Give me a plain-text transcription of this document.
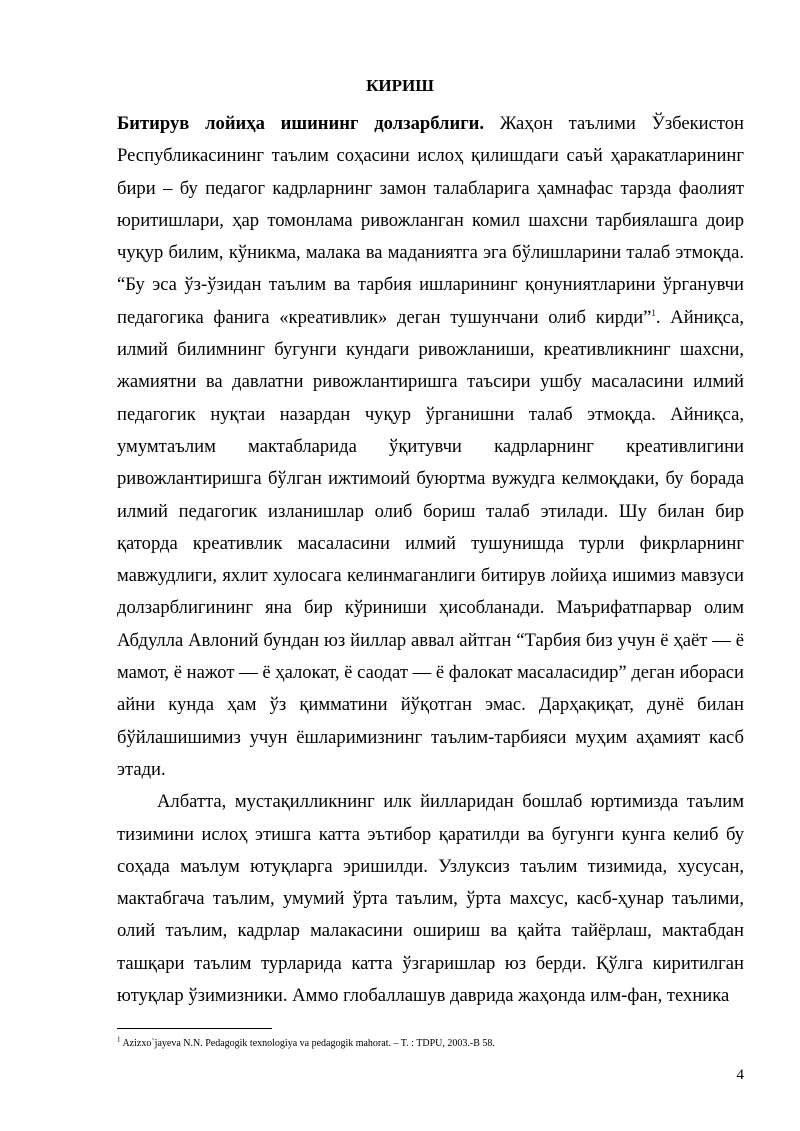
КИРИШ

Битирув лойиҳа ишининг долзарблиги. Жаҳон таълими Ўзбекистон Республикасининг таълим соҳасини ислоҳ қилишдаги саъй ҳаракатларининг бири – бу педагог кадрларнинг замон талабларига ҳамнафас тарзда фаолият юритишлари, ҳар томонлама ривожланган комил шахсни тарбиялашга доир чуқур билим, кўникма, малака ва маданиятга эга бўлишларини талаб этмоқда. “Бу эса ўз-ўзидан таълим ва тарбия ишларининг қонуниятларини ўрганувчи педагогика фанига «креативлик» деган тушунчани олиб кирди”$^1$. Айниқса, илмий билимнинг бугунги кундаги ривожланиши, креативликнинг шахсни, жамиятни ва давлатни ривожлантиришга таъсири ушбу масаласини илмий педагогик нуқтаи назардан чуқур ўрганишни талаб этмоқда. Айниқса, умумтаълим мактабларида ўқитувчи кадрларнинг креативлигини ривожлантиришга бўлган ижтимоий буюртма вужудга келмоқдаки, бу борада илмий педагогик изланишлар олиб бориш талаб этилади. Шу билан бир қаторда креативлик масаласини илмий тушунишда турли фикрларнинг мавжудлиги, яхлит хулосага келинмаганлиги битирув лойиҳа ишимиз мавзуси долзарблигининг яна бир кўриниши ҳисобланади. Маърифатпарвар олим Абдулла Авлоний бундан юз йиллар аввал айтган “Тарбия биз учун ё ҳаёт — ё мамот, ё нажот — ё ҳалокат, ё саодат — ё фалокат масаласидир” деган ибораси айни кунда ҳам ўз қимматини йўқотган эмас. Дарҳақиқат, дунё билан бўйлашишимиз учун ёшларимизнинг таълим-тарбияси муҳим аҳамият касб этади.

Албатта, мустақилликнинг илк йилларидан бошлаб юртимизда таълим тизимини ислоҳ этишга катта эътибор қаратилди ва бугунги кунга келиб бу соҳада маълум ютуқларга эришилди. Узлуксиз таълим тизимида, хусусан, мактабгача таълим, умумий ўрта таълим, ўрта махсус, касб-ҳунар таълими, олий таълим, кадрлар малакасини ошириш ва қайта тайёрлаш, мактабдан ташқари таълим турларида катта ўзгаришлар юз берди. Қўлга киритилган ютуқлар ўзимизники. Аммо глобаллашув даврида жаҳонда илм-фан, техника

$^1$ Azizxo`jayeva N.N. Pedagogik texnologiya va pedagogik mahorat. – T. : TDPU, 2003.-B 58.

4
